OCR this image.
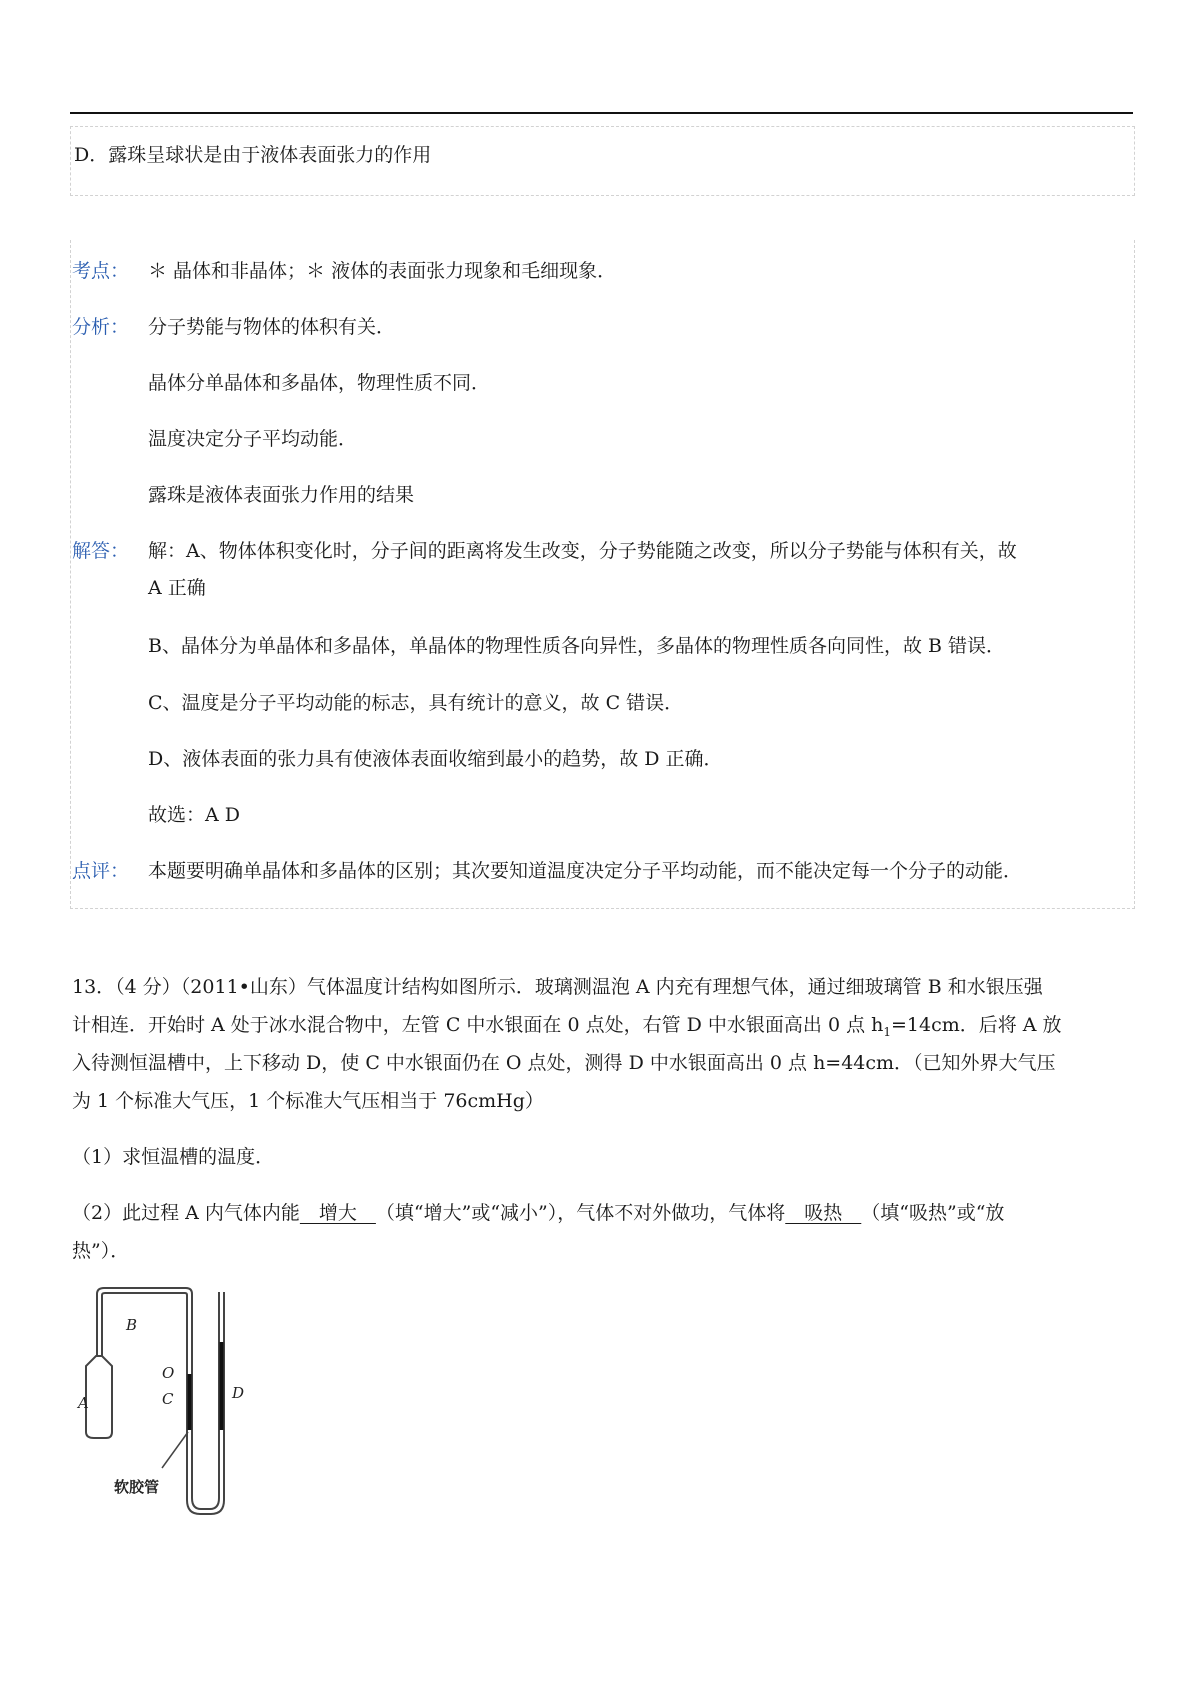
D．露珠呈球状是由于液体表面张力的作用
考点： ＊ 晶体和非晶体；＊ 液体的表面张力现象和毛细现象．
分析： 分子势能与物体的体积有关．
晶体分单晶体和多晶体，物理性质不同．
温度决定分子平均动能．
露珠是液体表面张力作用的结果
解答： 解：A、物体体积变化时，分子间的距离将发生改变，分子势能随之改变，所以分子势能与体积有关，故
A 正确
B、晶体分为单晶体和多晶体，单晶体的物理性质各向异性，多晶体的物理性质各向同性，故 B 错误．
C、温度是分子平均动能的标志，具有统计的意义，故 C 错误．
D、液体表面的张力具有使液体表面收缩到最小的趋势，故 D 正确．
故选：A D
点评： 本题要明确单晶体和多晶体的区别；其次要知道温度决定分子平均动能，而不能决定每一个分子的动能．
13．（4 分）（2011•山东）气体温度计结构如图所示．玻璃测温泡 A 内充有理想气体，通过细玻璃管 B 和水银压强
计相连．开始时 A 处于冰水混合物中，左管 C 中水银面在 0 点处，右管 D 中水银面高出 0 点 $h_1=14cm$．后将 A 放
入待测恒温槽中，上下移动 D，使 C 中水银面仍在 O 点处，测得 D 中水银面高出 0 点 h=44cm．（已知外界大气压
为 1 个标准大气压，1 个标准大气压相当于 76cmHg）
（1）求恒温槽的温度．
（2）此过程 A 内气体内能　增大　（填“增大”或“减小”），气体不对外做功，气体将　吸热　（填“吸热”或“放
热”）．
A
B
O
C	D
软胶管
